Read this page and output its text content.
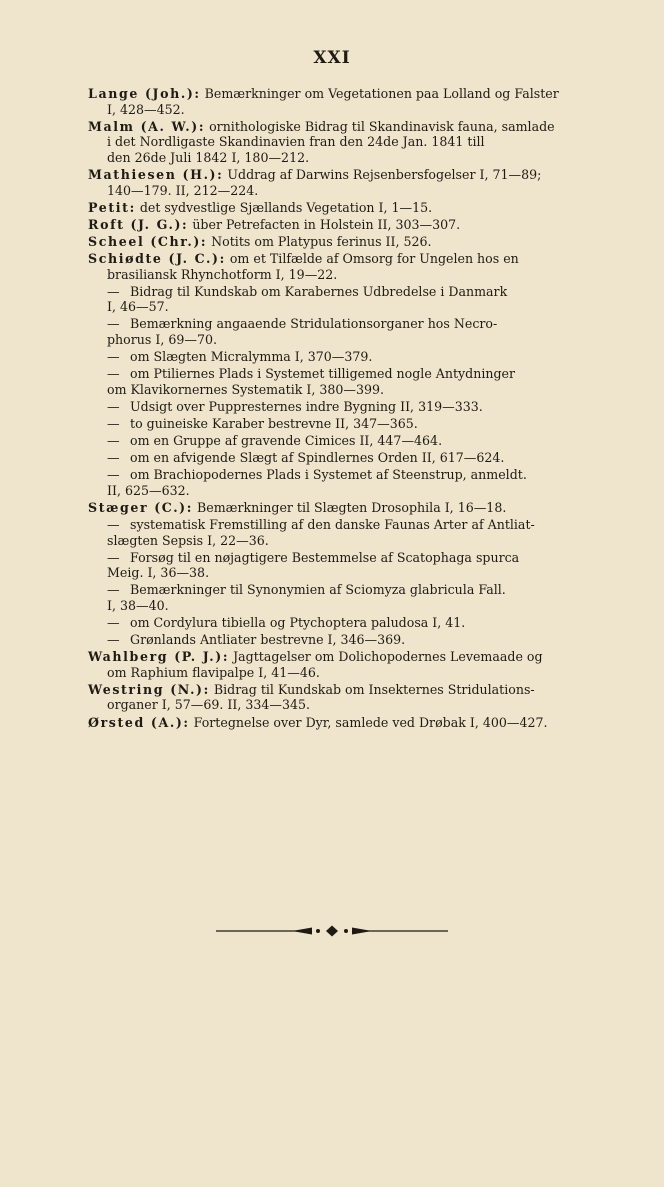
XXI
Lange (Joh.): Bemærkninger om Vegetationen paa Lolland og Falster
I, 428—452.
Malm (A. W.): ornithologiske Bidrag til Skandinavisk fauna, samlade
i det Nordligaste Skandinavien fran den 24de Jan. 1841 till
den 26de Juli 1842 I, 180—212.
Mathiesen (H.): Uddrag af Darwins Rejsenbersfogelser I, 71—89;
140—179. II, 212—224.
Petit: det sydvestlige Sjællands Vegetation I, 1—15.
Roft (J. G.): über Petrefacten in Holstein II, 303—307.
Scheel (Chr.): Notits om Platypus ferinus II, 526.
Schiødte (J. C.): om et Tilfælde af Omsorg for Ungelen hos en
brasiliansk Rhynchotform I, 19—22.
— Bidrag til Kundskab om Karabernes Udbredelse i Danmark
I, 46—57.
— Bemærkning angaaende Stridulationsorganer hos Necro-
phorus I, 69—70.
— om Slægten Micralymma I, 370—379.
— om Ptiliernes Plads i Systemet tilligemed nogle Antydninger
om Klavikornernes Systematik I, 380—399.
— Udsigt over Puppresternes indre Bygning II, 319—333.
— to guineiske Karaber bestrevne II, 347—365.
— om en Gruppe af gravende Cimices II, 447—464.
— om en afvigende Slægt af Spindlernes Orden II, 617—624.
— om Brachiopodernes Plads i Systemet af Steenstrup, anmeldt.
II, 625—632.
Stæger (C.): Bemærkninger til Slægten Drosophila I, 16—18.
— systematisk Fremstilling af den danske Faunas Arter af Antliat-
slægten Sepsis I, 22—36.
— Forsøg til en nøjagtigere Bestemmelse af Scatophaga spurca
Meig. I, 36—38.
— Bemærkninger til Synonymien af Sciomyza glabricula Fall.
I, 38—40.
— om Cordylura tibiella og Ptychoptera paludosa I, 41.
— Grønlands Antliater bestrevne I, 346—369.
Wahlberg (P. J.): Jagttagelser om Dolichopodernes Levemaade og
om Raphium flavipalpe I, 41—46.
Westring (N.): Bidrag til Kundskab om Insekternes Stridulations-
organer I, 57—69. II, 334—345.
Ørsted (A.): Fortegnelse over Dyr, samlede ved Drøbak I, 400—427.
